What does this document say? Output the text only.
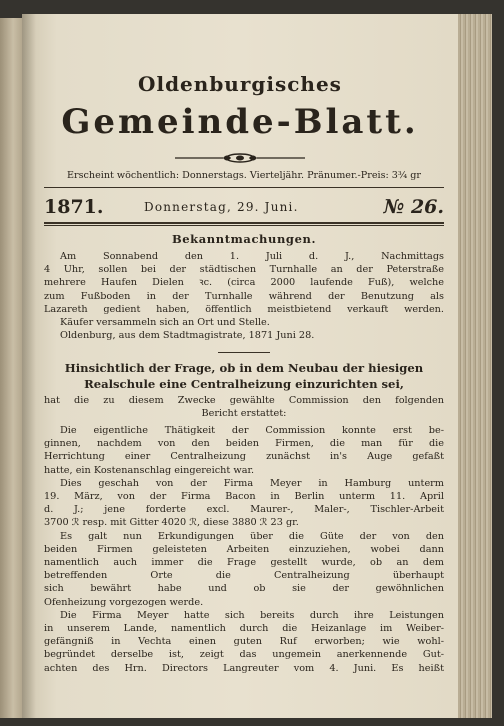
Oldenburgisches
Gemeinde-Blatt.
Erscheint wöchentlich: Donnerstags. Vierteljähr. Pränumer.-Preis: 3¾ gr
1871.	Donnerstag, 29. Juni.	№ 26.
Bekanntmachungen.
Am Sonnabend den 1. Juli d. J., Nachmittags
4 Uhr, sollen bei der städtischen Turnhalle an der Peterstraße
mehrere Haufen Dielen ꝛc. (circa 2000 laufende Fuß), welche
zum Fußboden in der Turnhalle während der Benutzung als
Lazareth gedient haben, öffentlich meistbietend verkauft werden.
Käufer versammeln sich an Ort und Stelle.
Oldenburg, aus dem Stadtmagistrate, 1871 Juni 28.
Hinsichtlich der Frage, ob in dem Neubau der hiesigen
Realschule eine Centralheizung einzurichten sei,
hat die zu diesem Zwecke gewählte Commission den folgenden
Bericht erstattet:
Die eigentliche Thätigkeit der Commission konnte erst be-
ginnen, nachdem von den beiden Firmen, die man für die
Herrichtung einer Centralheizung zunächst in's Auge gefaßt
hatte, ein Kostenanschlag eingereicht war.
Dies geschah von der Firma Meyer in Hamburg unterm
19. März, von der Firma Bacon in Berlin unterm 11. April
d. J.; jene forderte excl. Maurer-, Maler-, Tischler-Arbeit
3700 ℛ resp. mit Gitter 4020 ℛ, diese 3880 ℛ 23 gr.
Es galt nun Erkundigungen über die Güte der von den
beiden Firmen geleisteten Arbeiten einzuziehen, wobei dann
namentlich auch immer die Frage gestellt wurde, ob an dem
betreffenden Orte die Centralheizung überhaupt
sich bewährt habe und ob sie der gewöhnlichen
Ofenheizung vorgezogen werde.
Die Firma Meyer hatte sich bereits durch ihre Leistungen
in unserem Lande, namentlich durch die Heizanlage im Weiber-
gefängniß in Vechta einen guten Ruf erworben; wie wohl-
begründet derselbe ist, zeigt das ungemein anerkennende Gut-
achten des Hrn. Directors Langreuter vom 4. Juni. Es heißt
